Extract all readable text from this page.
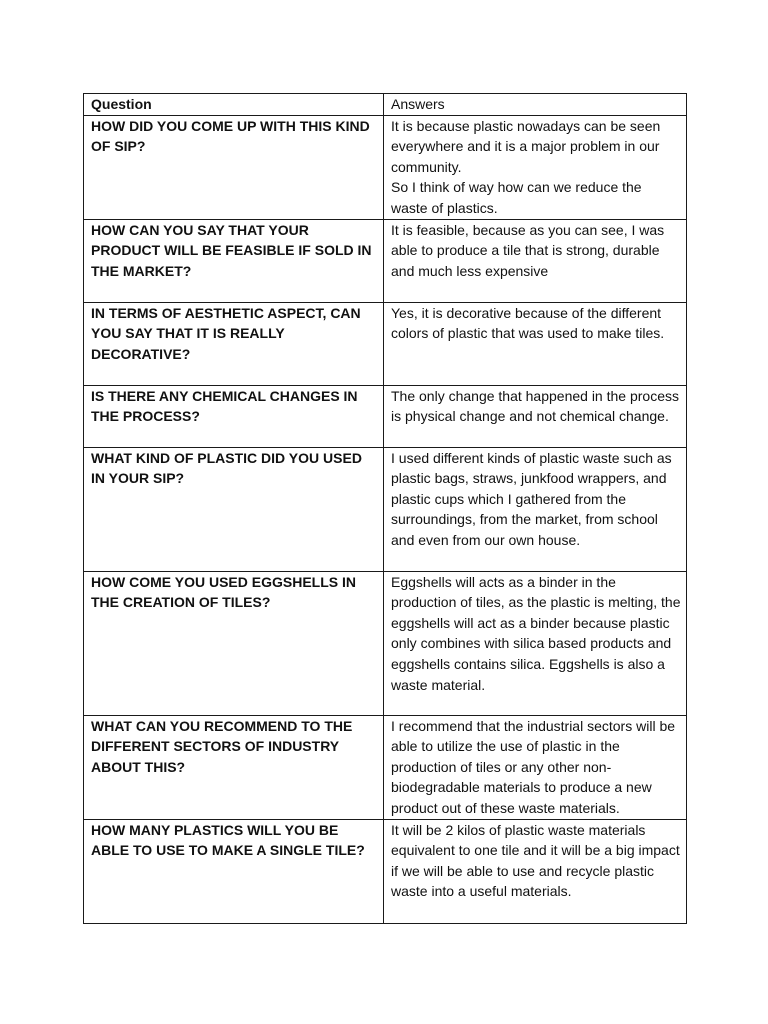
Question	Answers
HOW DID YOU COME UP WITH THIS KIND OF SIP?	It is because plastic nowadays can be seen everywhere and it is a major problem in our community.
So I think of way how can we reduce the waste of plastics.
HOW CAN YOU SAY THAT YOUR PRODUCT WILL BE FEASIBLE IF SOLD IN THE MARKET?	It is feasible, because as you can see, I was able to produce a tile that is strong, durable and much less expensive
IN TERMS OF AESTHETIC ASPECT, CAN YOU SAY THAT IT IS REALLY DECORATIVE?	Yes, it is decorative because of the different colors of plastic that was used to make tiles.
IS THERE ANY CHEMICAL CHANGES IN THE PROCESS?	The only change that happened in the process is physical change and not chemical change.
WHAT KIND OF PLASTIC DID YOU USED IN YOUR SIP?	I used different kinds of plastic waste such as plastic bags, straws, junkfood wrappers, and plastic cups which I gathered from the surroundings, from the market, from school and even from our own house.
HOW COME YOU USED EGGSHELLS IN THE CREATION OF TILES?	Eggshells will acts as a binder in the production of tiles, as the plastic is melting, the eggshells will act as a binder because plastic only combines with silica based products and eggshells contains silica. Eggshells is also a waste material.
WHAT CAN YOU RECOMMEND TO THE DIFFERENT SECTORS OF INDUSTRY ABOUT THIS?	I recommend that the industrial sectors will be able to utilize the use of plastic in the production of tiles or any other non-biodegradable materials to produce a new product out of these waste materials.
HOW MANY PLASTICS WILL YOU BE ABLE TO USE TO MAKE A SINGLE TILE?	It will be 2 kilos of plastic waste materials equivalent to one tile and it will be a big impact if we will be able to use and recycle plastic waste into a useful materials.
